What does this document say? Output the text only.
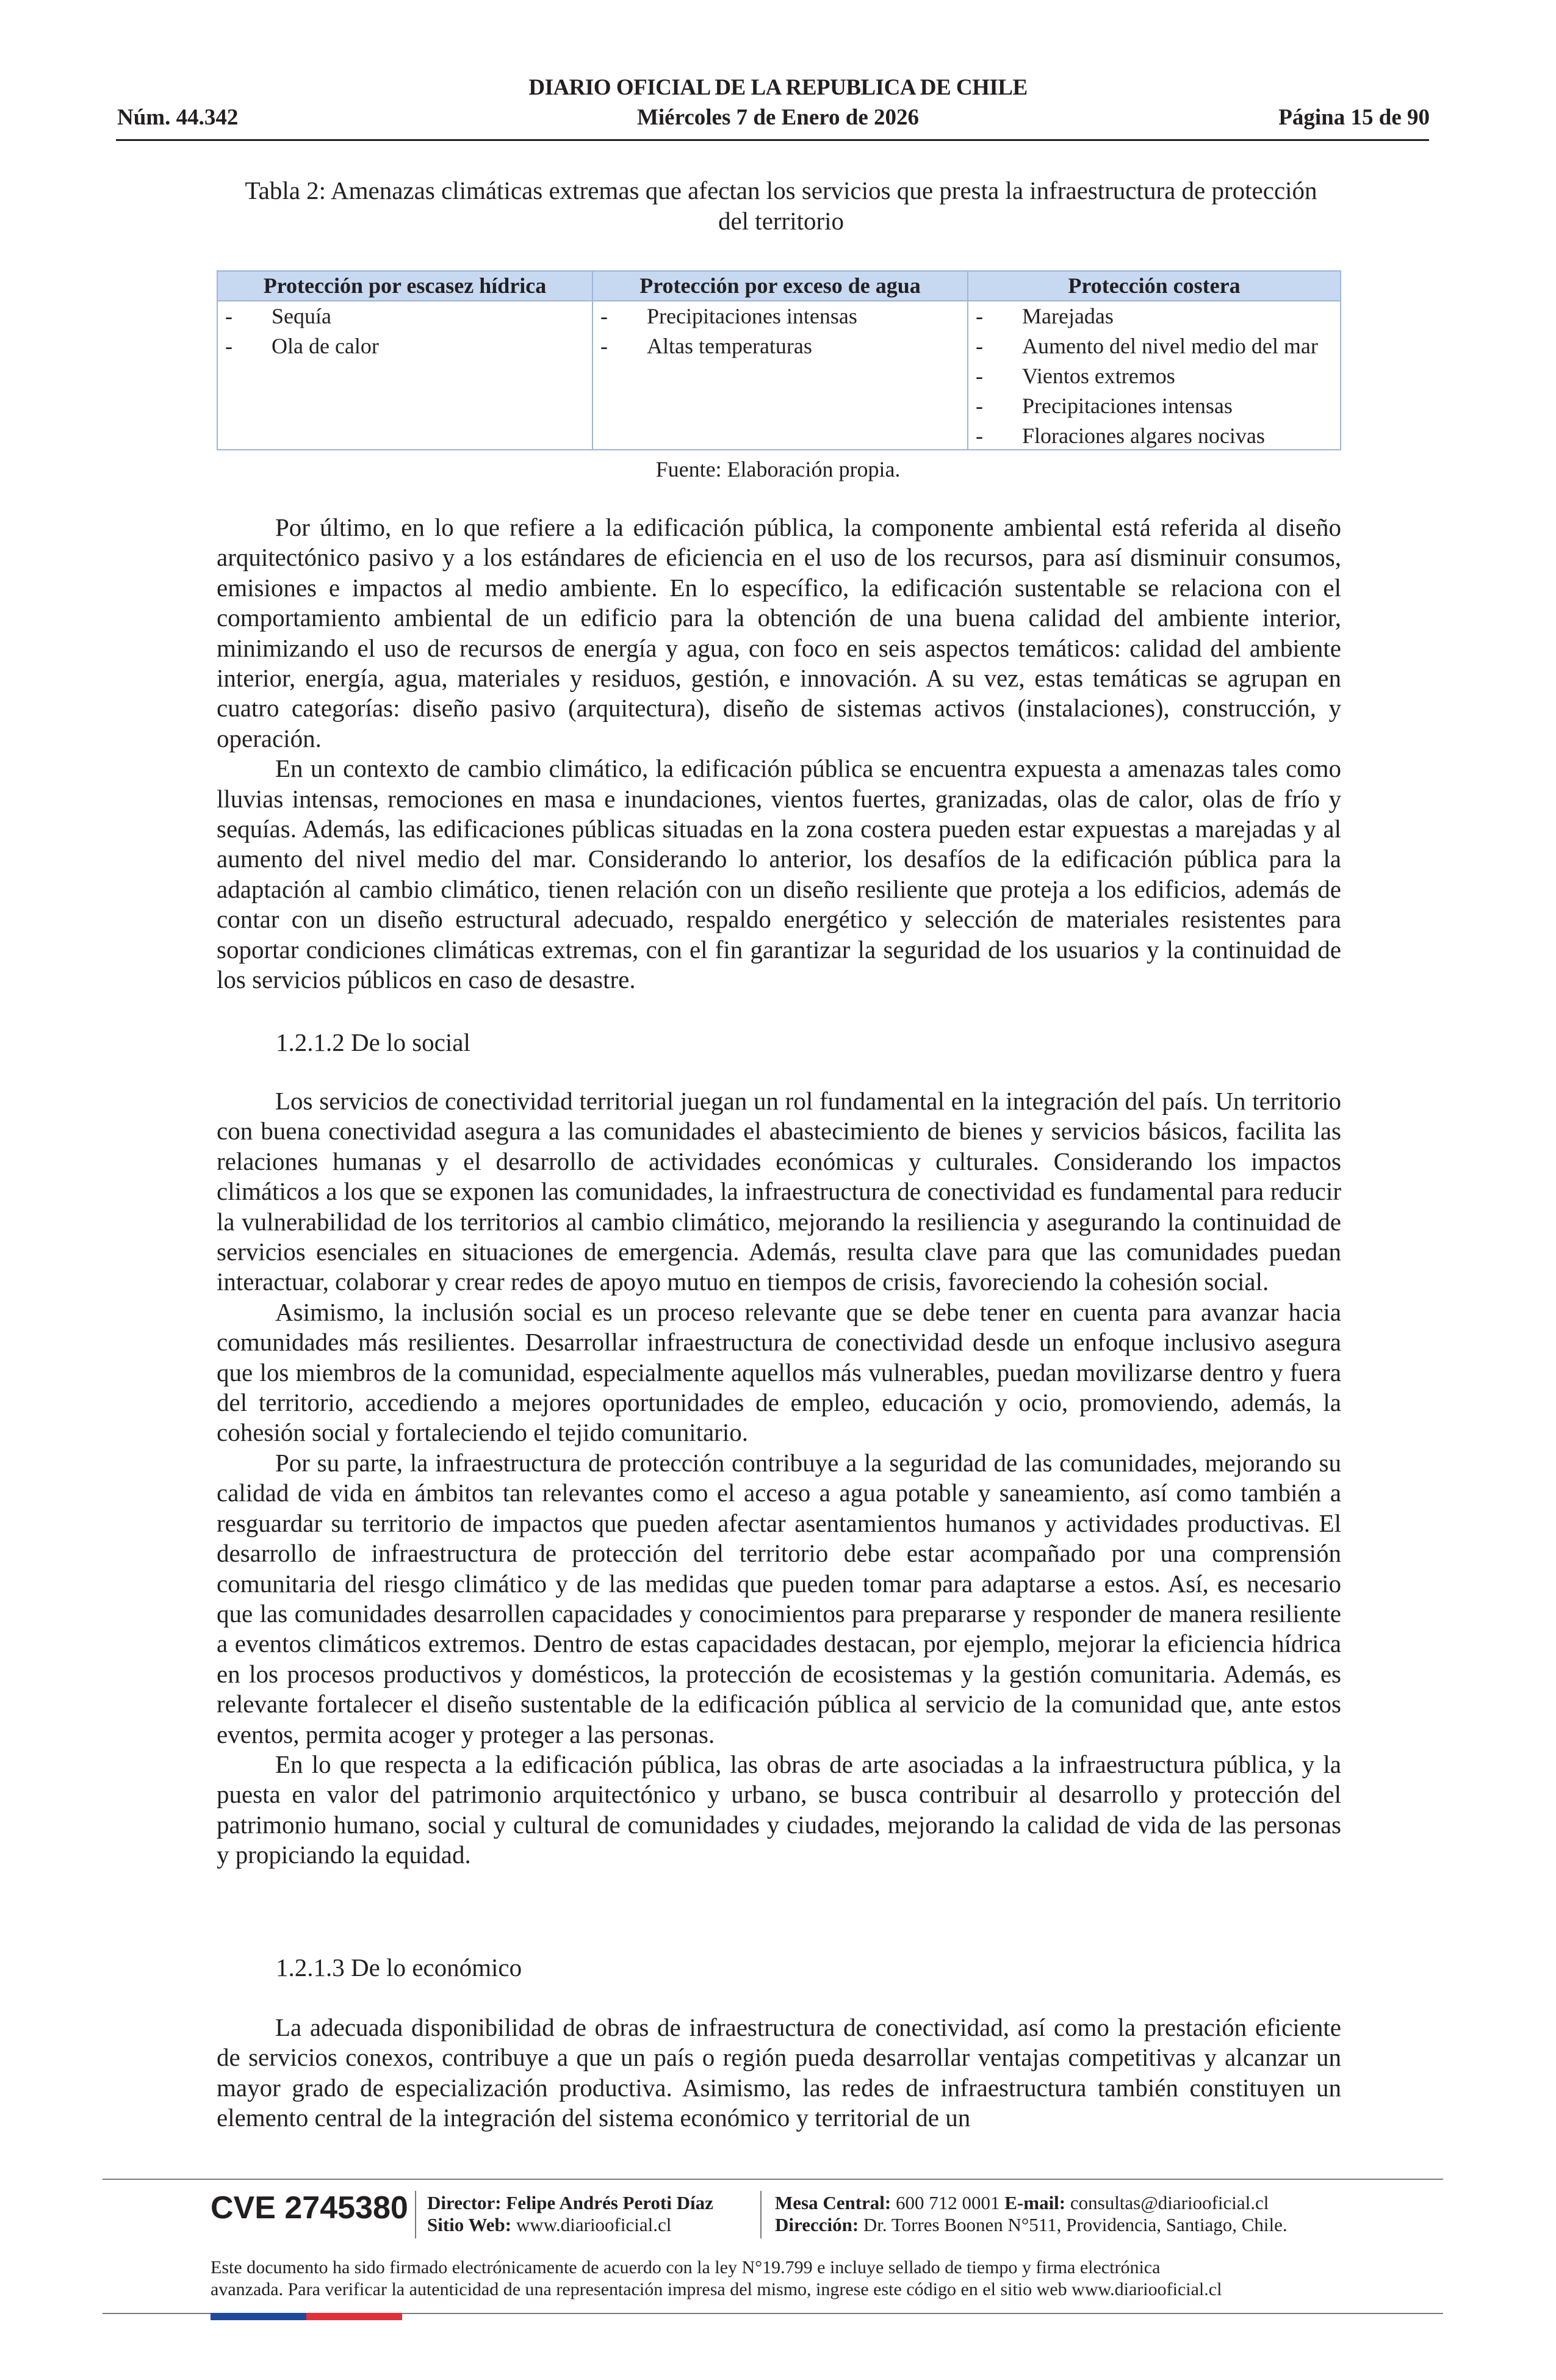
DIARIO OFICIAL DE LA REPUBLICA DE CHILE
Núm. 44.342	Miércoles 7 de Enero de 2026	Página 15 de 90
Tabla 2: Amenazas climáticas extremas que afectan los servicios que presta la infraestructura de protección del territorio
Protección por escasez hídrica
- Sequía
- Ola de calor
Protección por exceso de agua
- Precipitaciones intensas
- Altas temperaturas
Protección costera
- Marejadas
- Aumento del nivel medio del mar
- Vientos extremos
- Precipitaciones intensas
- Floraciones algares nocivas
Fuente: Elaboración propia.

Por último, en lo que refiere a la edificación pública, la componente ambiental está referida al diseño arquitectónico pasivo y a los estándares de eficiencia en el uso de los recursos, para así disminuir consumos, emisiones e impactos al medio ambiente. En lo específico, la edificación sustentable se relaciona con el comportamiento ambiental de un edificio para la obtención de una buena calidad del ambiente interior, minimizando el uso de recursos de energía y agua, con foco en seis aspectos temáticos: calidad del ambiente interior, energía, agua, materiales y residuos, gestión, e innovación. A su vez, estas temáticas se agrupan en cuatro categorías: diseño pasivo (arquitectura), diseño de sistemas activos (instalaciones), construcción, y operación.

En un contexto de cambio climático, la edificación pública se encuentra expuesta a amenazas tales como lluvias intensas, remociones en masa e inundaciones, vientos fuertes, granizadas, olas de calor, olas de frío y sequías. Además, las edificaciones públicas situadas en la zona costera pueden estar expuestas a marejadas y al aumento del nivel medio del mar. Considerando lo anterior, los desafíos de la edificación pública para la adaptación al cambio climático, tienen relación con un diseño resiliente que proteja a los edificios, además de contar con un diseño estructural adecuado, respaldo energético y selección de materiales resistentes para soportar condiciones climáticas extremas, con el fin garantizar la seguridad de los usuarios y la continuidad de los servicios públicos en caso de desastre.

1.2.1.2 De lo social

Los servicios de conectividad territorial juegan un rol fundamental en la integración del país. Un territorio con buena conectividad asegura a las comunidades el abastecimiento de bienes y servicios básicos, facilita las relaciones humanas y el desarrollo de actividades económicas y culturales. Considerando los impactos climáticos a los que se exponen las comunidades, la infraestructura de conectividad es fundamental para reducir la vulnerabilidad de los territorios al cambio climático, mejorando la resiliencia y asegurando la continuidad de servicios esenciales en situaciones de emergencia. Además, resulta clave para que las comunidades puedan interactuar, colaborar y crear redes de apoyo mutuo en tiempos de crisis, favoreciendo la cohesión social.

Asimismo, la inclusión social es un proceso relevante que se debe tener en cuenta para avanzar hacia comunidades más resilientes. Desarrollar infraestructura de conectividad desde un enfoque inclusivo asegura que los miembros de la comunidad, especialmente aquellos más vulnerables, puedan movilizarse dentro y fuera del territorio, accediendo a mejores oportunidades de empleo, educación y ocio, promoviendo, además, la cohesión social y fortaleciendo el tejido comunitario.

Por su parte, la infraestructura de protección contribuye a la seguridad de las comunidades, mejorando su calidad de vida en ámbitos tan relevantes como el acceso a agua potable y saneamiento, así como también a resguardar su territorio de impactos que pueden afectar asentamientos humanos y actividades productivas. El desarrollo de infraestructura de protección del territorio debe estar acompañado por una comprensión comunitaria del riesgo climático y de las medidas que pueden tomar para adaptarse a estos. Así, es necesario que las comunidades desarrollen capacidades y conocimientos para prepararse y responder de manera resiliente a eventos climáticos extremos. Dentro de estas capacidades destacan, por ejemplo, mejorar la eficiencia hídrica en los procesos productivos y domésticos, la protección de ecosistemas y la gestión comunitaria. Además, es relevante fortalecer el diseño sustentable de la edificación pública al servicio de la comunidad que, ante estos eventos, permita acoger y proteger a las personas.

En lo que respecta a la edificación pública, las obras de arte asociadas a la infraestructura pública, y la puesta en valor del patrimonio arquitectónico y urbano, se busca contribuir al desarrollo y protección del patrimonio humano, social y cultural de comunidades y ciudades, mejorando la calidad de vida de las personas y propiciando la equidad.

1.2.1.3 De lo económico

La adecuada disponibilidad de obras de infraestructura de conectividad, así como la prestación eficiente de servicios conexos, contribuye a que un país o región pueda desarrollar ventajas competitivas y alcanzar un mayor grado de especialización productiva. Asimismo, las redes de infraestructura también constituyen un elemento central de la integración del sistema económico y territorial de un

CVE 2745380 Director: Felipe Andrés Peroti Díaz
Sitio Web: www.diariooficial.cl
Mesa Central: 600 712 0001 E-mail: consultas@diariooficial.cl
Dirección: Dr. Torres Boonen N°511, Providencia, Santiago, Chile.
Este documento ha sido firmado electrónicamente de acuerdo con la ley N°19.799 e incluye sellado de tiempo y firma electrónica
avanzada. Para verificar la autenticidad de una representación impresa del mismo, ingrese este código en el sitio web www.diariooficial.cl
